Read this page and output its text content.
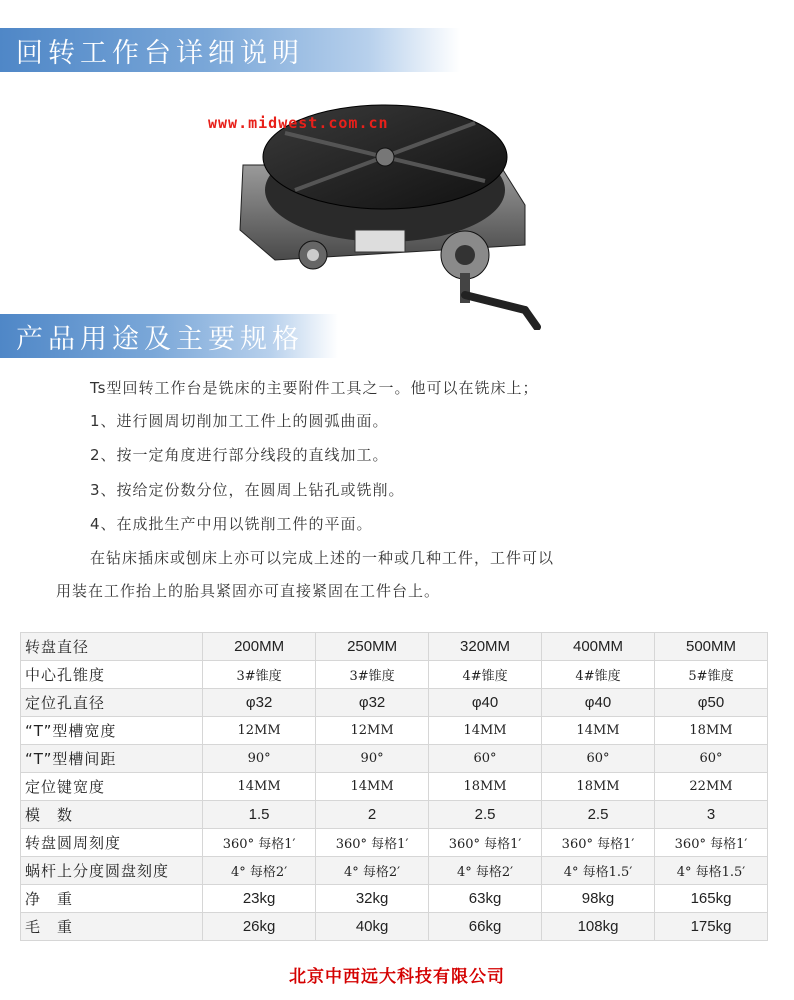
回转工作台详细说明
www.midwest.com.cn
产品用途及主要规格
Ts型回转工作台是铣床的主要附件工具之一。他可以在铣床上；
1、进行圆周切削加工工件上的圆弧曲面。
2、按一定角度进行部分线段的直线加工。
3、按给定份数分位，在圆周上钻孔或铣削。
4、在成批生产中用以铣削工件的平面。
在钻床插床或刨床上亦可以完成上述的一种或几种工件，工件可以
用装在工作抬上的胎具紧固亦可直接紧固在工件台上。
转盘直径	200MM	250MM	320MM	400MM	500MM
中心孔锥度	3#锥度	3#锥度	4#锥度	4#锥度	5#锥度
定位孔直径	φ32	φ32	φ40	φ40	φ50
“T”型槽宽度	12MM	12MM	14MM	14MM	18MM
“T”型槽间距	90°	90°	60°	60°	60°
定位键宽度	14MM	14MM	18MM	18MM	22MM
模　数	1.5	2	2.5	2.5	3
转盘圆周刻度	360° 每格1′	360° 每格1′	360° 每格1′	360° 每格1′	360° 每格1′
蜗杆上分度圆盘刻度	4° 每格2′	4° 每格2′	4° 每格2′	4° 每格1.5′	4° 每格1.5′
净　重	23kg	32kg	63kg	98kg	165kg
毛　重	26kg	40kg	66kg	108kg	175kg
北京中西远大科技有限公司
